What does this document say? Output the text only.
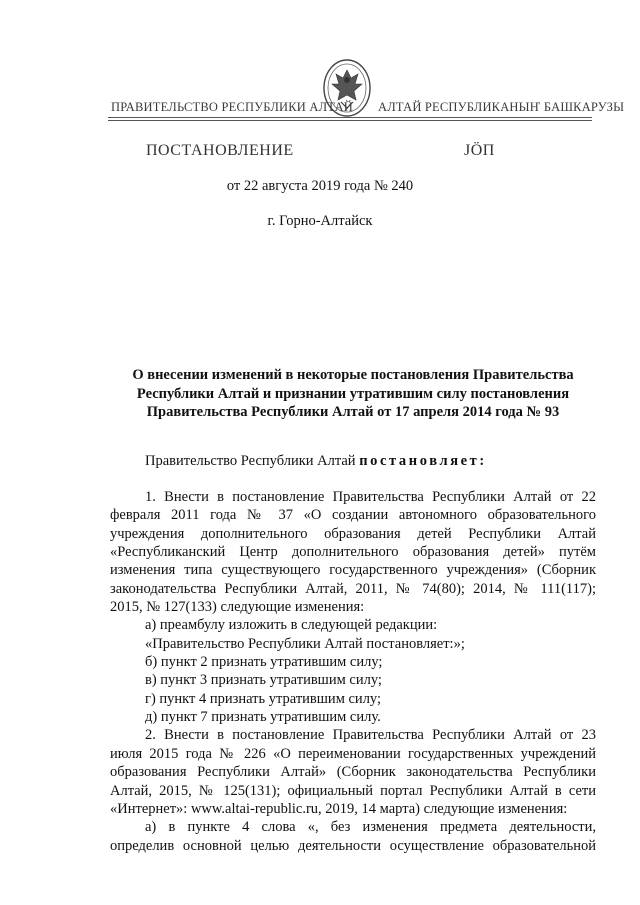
ПРАВИТЕЛЬСТВО РЕСПУБЛИКИ АЛТАЙ АЛТАЙ РЕСПУБЛИКАНЫҤ БАШКАРУЗЫ
ПОСТАНОВЛЕНИЕ	ЈӦП
от 22 августа 2019 года № 240
г. Горно-Алтайск
О внесении изменений в некоторые постановления Правительства
Республики Алтай и признании утратившим силу постановления
Правительства Республики Алтай от 17 апреля 2014 года № 93
Правительство Республики Алтай постановляет:
1. Внести в постановление Правительства Республики Алтай от 22
февраля 2011 года № 37 «О создании автономного образовательного
учреждения дополнительного образования детей Республики Алтай
«Республиканский Центр дополнительного образования детей» путём
изменения типа существующего государственного учреждения» (Сборник
законодательства Республики Алтай, 2011, № 74(80); 2014, № 111(117);
2015, № 127(133) следующие изменения:
а) преамбулу изложить в следующей редакции:
«Правительство Республики Алтай постановляет:»;
б) пункт 2 признать утратившим силу;
в) пункт 3 признать утратившим силу;
г) пункт 4 признать утратившим силу;
д) пункт 7 признать утратившим силу.
2. Внести в постановление Правительства Республики Алтай от 23
июля 2015 года № 226 «О переименовании государственных учреждений
образования Республики Алтай» (Сборник законодательства Республики
Алтай, 2015, № 125(131); официальный портал Республики Алтай в сети
«Интернет»: www.altai-republic.ru, 2019, 14 марта) следующие изменения:
а) в пункте 4 слова «, без изменения предмета деятельности,
определив основной целью деятельности осуществление образовательной
